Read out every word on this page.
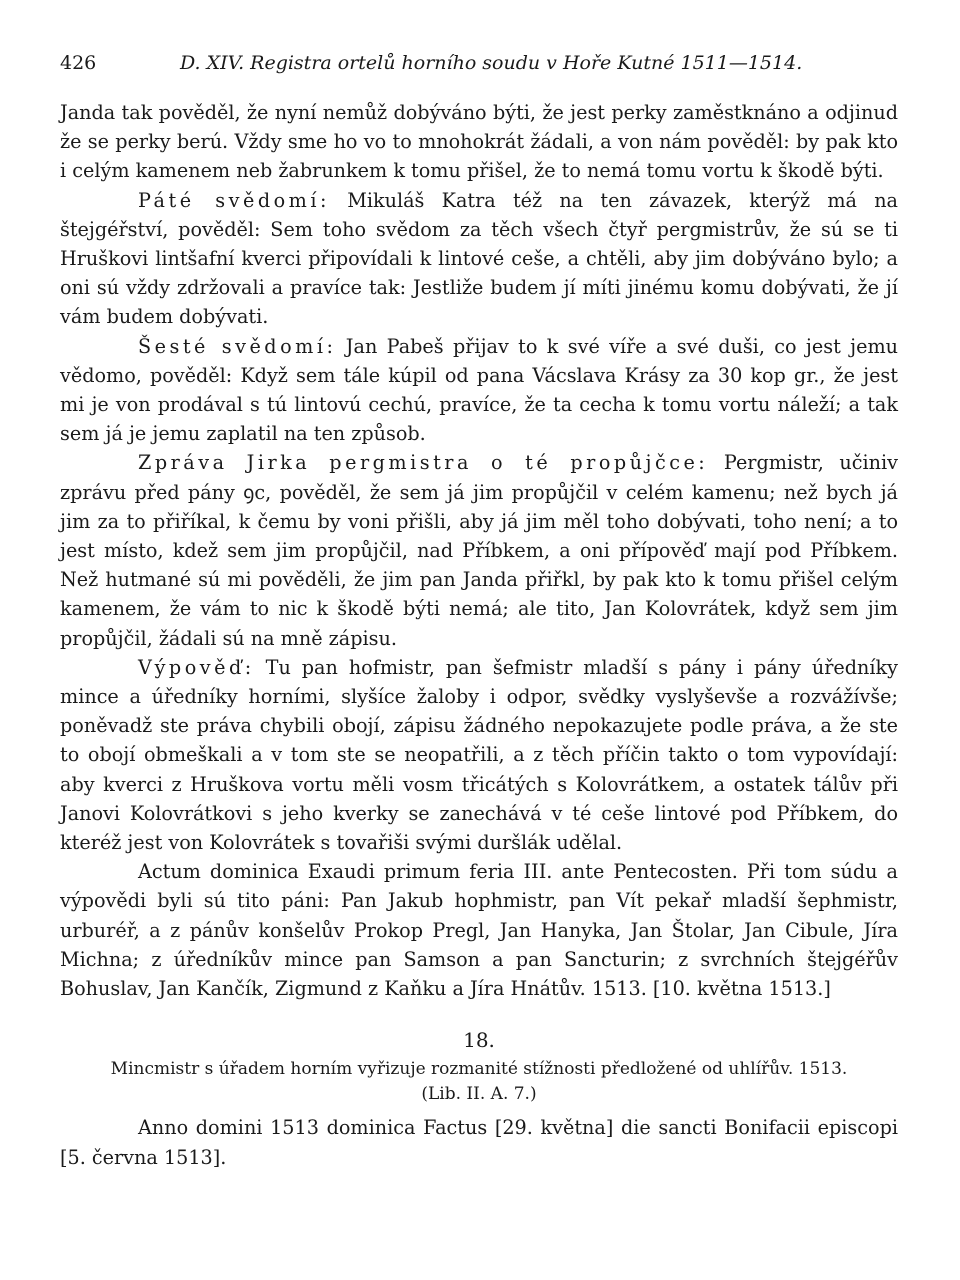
426	D. XIV. Registra ortelů horního soudu v Hoře Kutné 1511—1514.

Janda tak pověděl, že nyní nemůž dobýváno býti, že jest perky zaměstknáno a odjinud že se perky berú. Vždy sme ho vo to mnohokrát žádali, a von nám pověděl: by pak kto i celým kamenem neb žabrunkem k tomu přišel, že to nemá tomu vortu k škodě býti.

Páté svědomí: Mikuláš Katra též na ten závazek, kterýž má na štejgéřství, pověděl: Sem toho svědom za těch všech čtyř pergmistrův, že sú se ti Hruškovi lintšafní kverci připovídali k lintové ceše, a chtěli, aby jim dobýváno bylo; a oni sú vždy zdržovali a pravíce tak: Jestliže budem jí míti jinému komu dobývati, že jí vám budem dobývati.

Šesté svědomí: Jan Pabeš přijav to k své víře a své duši, co jest jemu vědomo, pověděl: Když sem tále kúpil od pana Vácslava Krásy za 30 kop gr., že jest mi je von prodával s tú lintovú cechú, pravíce, že ta cecha k tomu vortu náleží; a tak sem já je jemu zaplatil na ten způsob.

Zpráva Jirka pergmistra o té propůjčce: Pergmistr, učiniv zprávu před pány ꝯc, pověděl, že sem já jim propůjčil v celém kamenu; než bych já jim za to přiříkal, k čemu by voni přišli, aby já jim měl toho dobývati, toho není; a to jest místo, kdež sem jim propůjčil, nad Příbkem, a oni přípověď mají pod Příbkem. Než hutmané sú mi pověděli, že jim pan Janda přiřkl, by pak kto k tomu přišel celým kamenem, že vám to nic k škodě býti nemá; ale tito, Jan Kolovrátek, když sem jim propůjčil, žádali sú na mně zápisu.

Výpověď: Tu pan hofmistr, pan šefmistr mladší s pány i pány úředníky mince a úředníky horními, slyšíce žaloby i odpor, svědky vyslyševše a rozvážívše; poněvadž ste práva chybili obojí, zápisu žádného nepokazujete podle práva, a že ste to obojí obmeškali a v tom ste se neopatřili, a z těch příčin takto o tom vypovídají: aby kverci z Hruškova vortu měli vosm třicátých s Kolovrátkem, a ostatek tálův při Janovi Kolovrátkovi s jeho kverky se zanechává v té ceše lintové pod Příbkem, do kteréž jest von Kolovrátek s tovařiši svými duršlák udělal.

Actum dominica Exaudi primum feria III. ante Pentecosten. Při tom súdu a výpovědi byli sú tito páni: Pan Jakub hophmistr, pan Vít pekař mladší šephmistr, urburéř, a z pánův konšelův Prokop Pregl, Jan Hanyka, Jan Štolar, Jan Cibule, Jíra Michna; z úředníkův mince pan Samson a pan Sancturin; z svrchních štejgéřův Bohuslav, Jan Kančík, Zigmund z Kaňku a Jíra Hnátův. 1513. [10. května 1513.]

18.
Mincmistr s úřadem horním vyřizuje rozmanité stížnosti předložené od uhlířův. 1513.
(Lib. II. A. 7.)

Anno domini 1513 dominica Factus [29. května] die sancti Bonifacii episcopi [5. června 1513].
